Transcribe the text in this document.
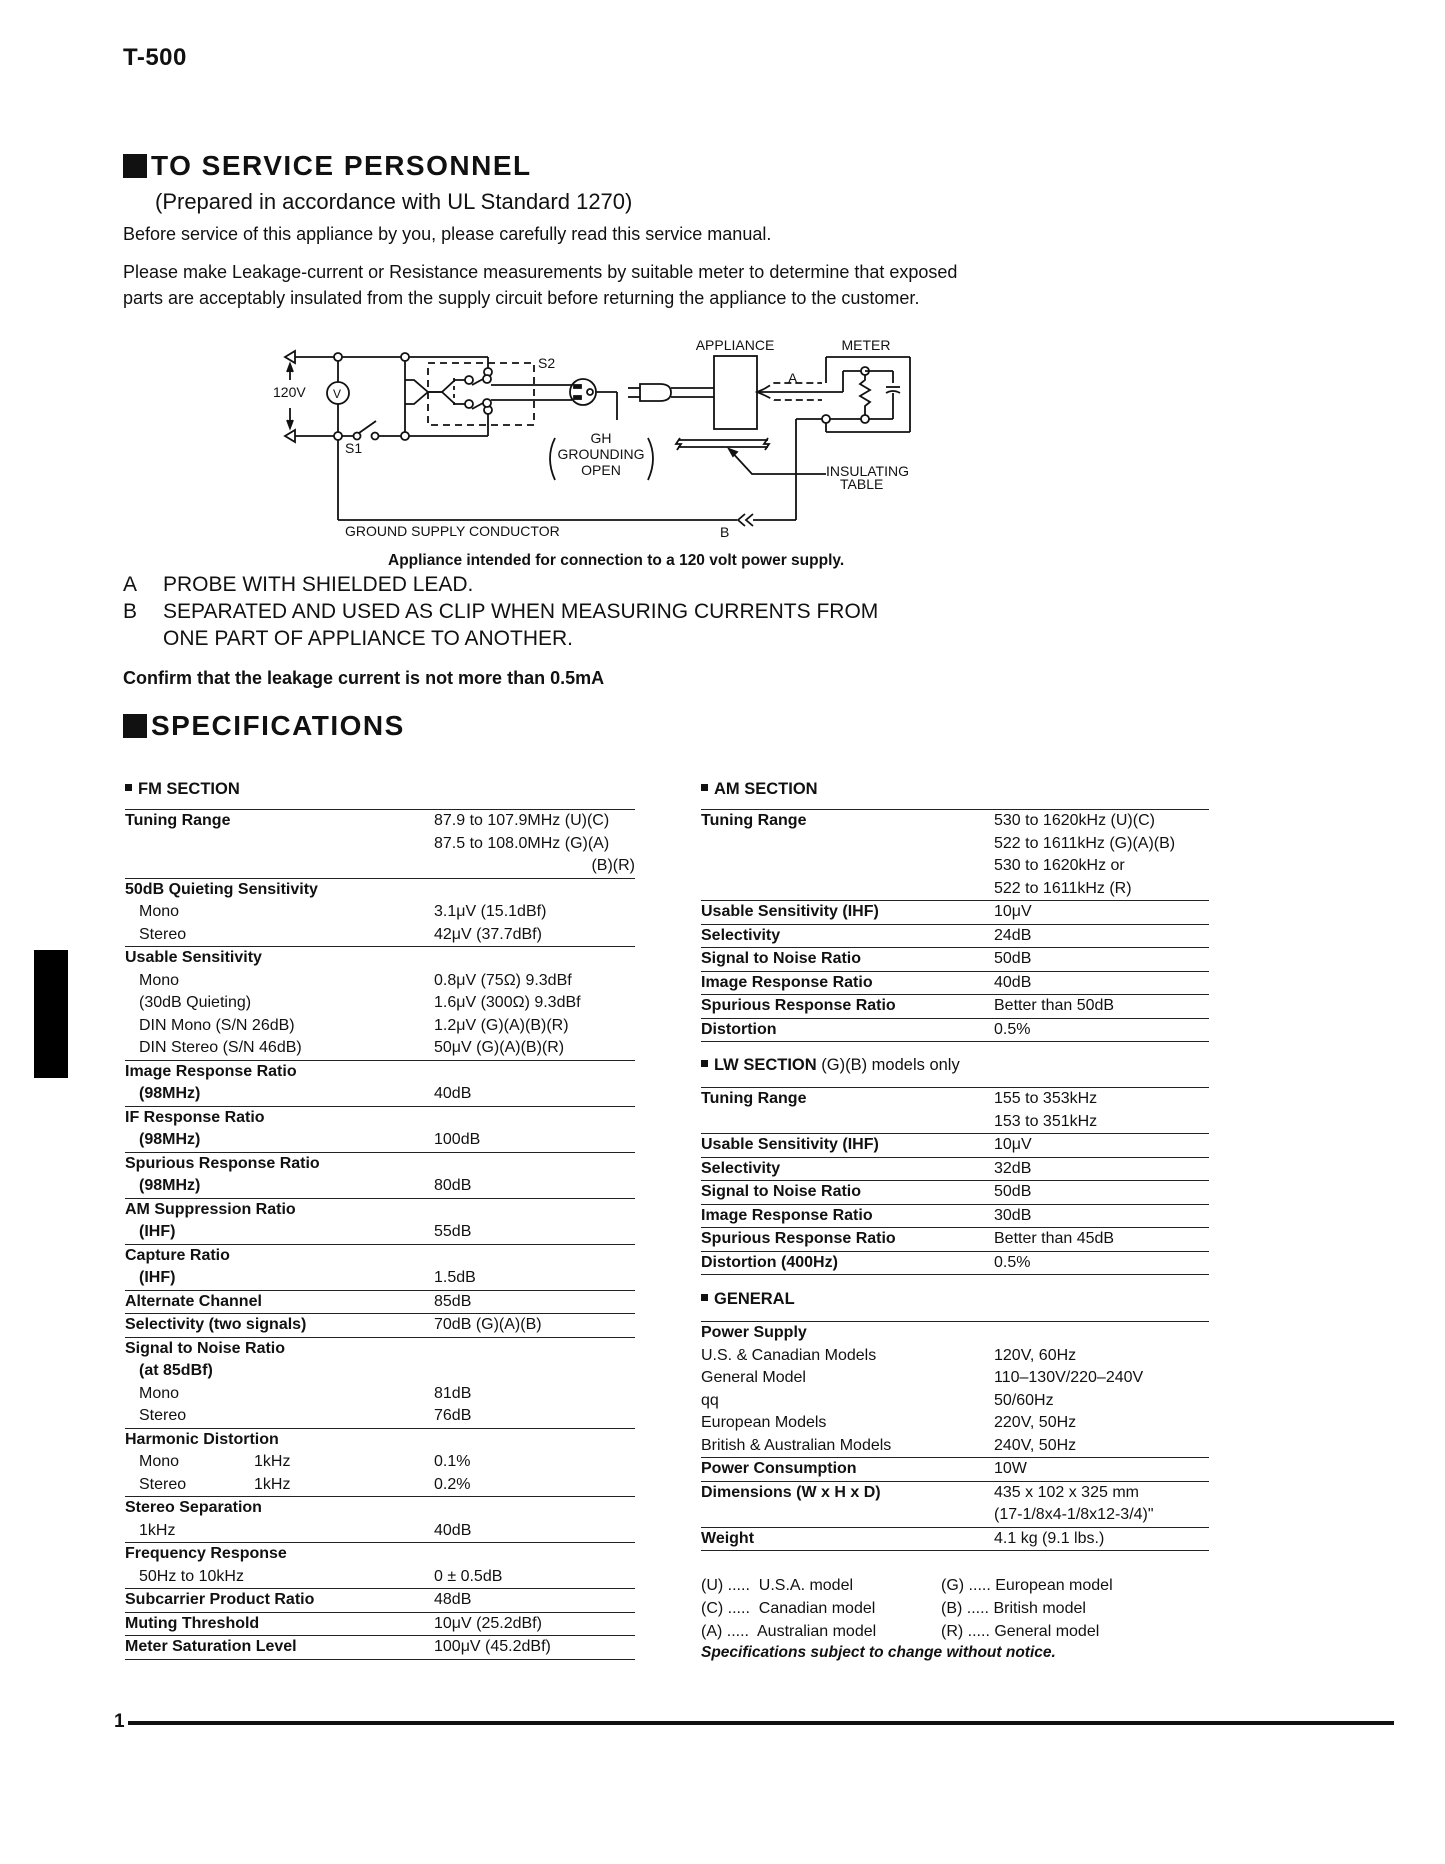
T-500
TO SERVICE PERSONNEL
(Prepared in accordance with UL Standard 1270)
Before service of this appliance by you, please carefully read this service manual.
Please make Leakage-current or Resistance measurements by suitable meter to determine that exposed
parts are acceptably insulated from the supply circuit before returning the appliance to the customer.
120V V
S1
S2
GH
GROUNDING
OPEN
APPLIANCE	METER
A
B
INSULATING
TABLE
GROUND SUPPLY CONDUCTOR
Appliance intended for connection to a 120 volt power supply.
A	PROBE WITH SHIELDED LEAD.
B	SEPARATED AND USED AS CLIP WHEN MEASURING CURRENTS FROM
ONE PART OF APPLIANCE TO ANOTHER.
Confirm that the leakage current is not more than 0.5mA
SPECIFICATIONS
FM SECTION
Tuning Range	87.9 to 107.9MHz (U)(C)
	87.5 to 108.0MHz (G)(A)
	(B)(R)
50dB Quieting Sensitivity	
Mono	3.1μV (15.1dBf)
Stereo	42μV (37.7dBf)
Usable Sensitivity	
Mono	0.8μV (75Ω) 9.3dBf
(30dB Quieting)	1.6μV (300Ω) 9.3dBf
DIN Mono (S/N 26dB)	1.2μV (G)(A)(B)(R)
DIN Stereo (S/N 46dB)	50μV (G)(A)(B)(R)
Image Response Ratio	
(98MHz)	40dB
IF Response Ratio	
(98MHz)	100dB
Spurious Response Ratio	
(98MHz)	80dB
AM Suppression Ratio	
(IHF)	55dB
Capture Ratio	
(IHF)	1.5dB
Alternate Channel	85dB
Selectivity (two signals)	70dB (G)(A)(B)
Signal to Noise Ratio	
(at 85dBf)	
Mono	81dB
Stereo	76dB
Harmonic Distortion	
Mono 1kHz	0.1%
Stereo 1kHz	0.2%
Stereo Separation	
1kHz	40dB
Frequency Response	
50Hz to 10kHz	0 ± 0.5dB
Subcarrier Product Ratio	48dB
Muting Threshold	10μV (25.2dBf)
Meter Saturation Level	100μV (45.2dBf)
AM SECTION
Tuning Range	530 to 1620kHz (U)(C)
	522 to 1611kHz (G)(A)(B)
	530 to 1620kHz or
	522 to 1611kHz (R)
Usable Sensitivity (IHF)	10μV
Selectivity	24dB
Signal to Noise Ratio	50dB
Image Response Ratio	40dB
Spurious Response Ratio	Better than 50dB
Distortion	0.5%
LW SECTION (G)(B) models only
Tuning Range	155 to 353kHz
	153 to 351kHz
Usable Sensitivity (IHF)	10μV
Selectivity	32dB
Signal to Noise Ratio	50dB
Image Response Ratio	30dB
Spurious Response Ratio	Better than 45dB
Distortion (400Hz)	0.5%
GENERAL
Power Supply	
U.S. & Canadian Models	120V, 60Hz
General Model	110–130V/220–240V
qq	50/60Hz
European Models	220V, 50Hz
British & Australian Models	240V, 50Hz
Power Consumption	10W
Dimensions (W x H x D)	435 x 102 x 325 mm
	(17-1/8x4-1/8x12-3/4)"
Weight	4.1 kg (9.1 lbs.)
(U) .....  U.S.A. model	(G) ..... European model
(C) .....  Canadian model	(B) ..... British model
(A) .....  Australian model	(R) ..... General model
Specifications subject to change without notice.
1
